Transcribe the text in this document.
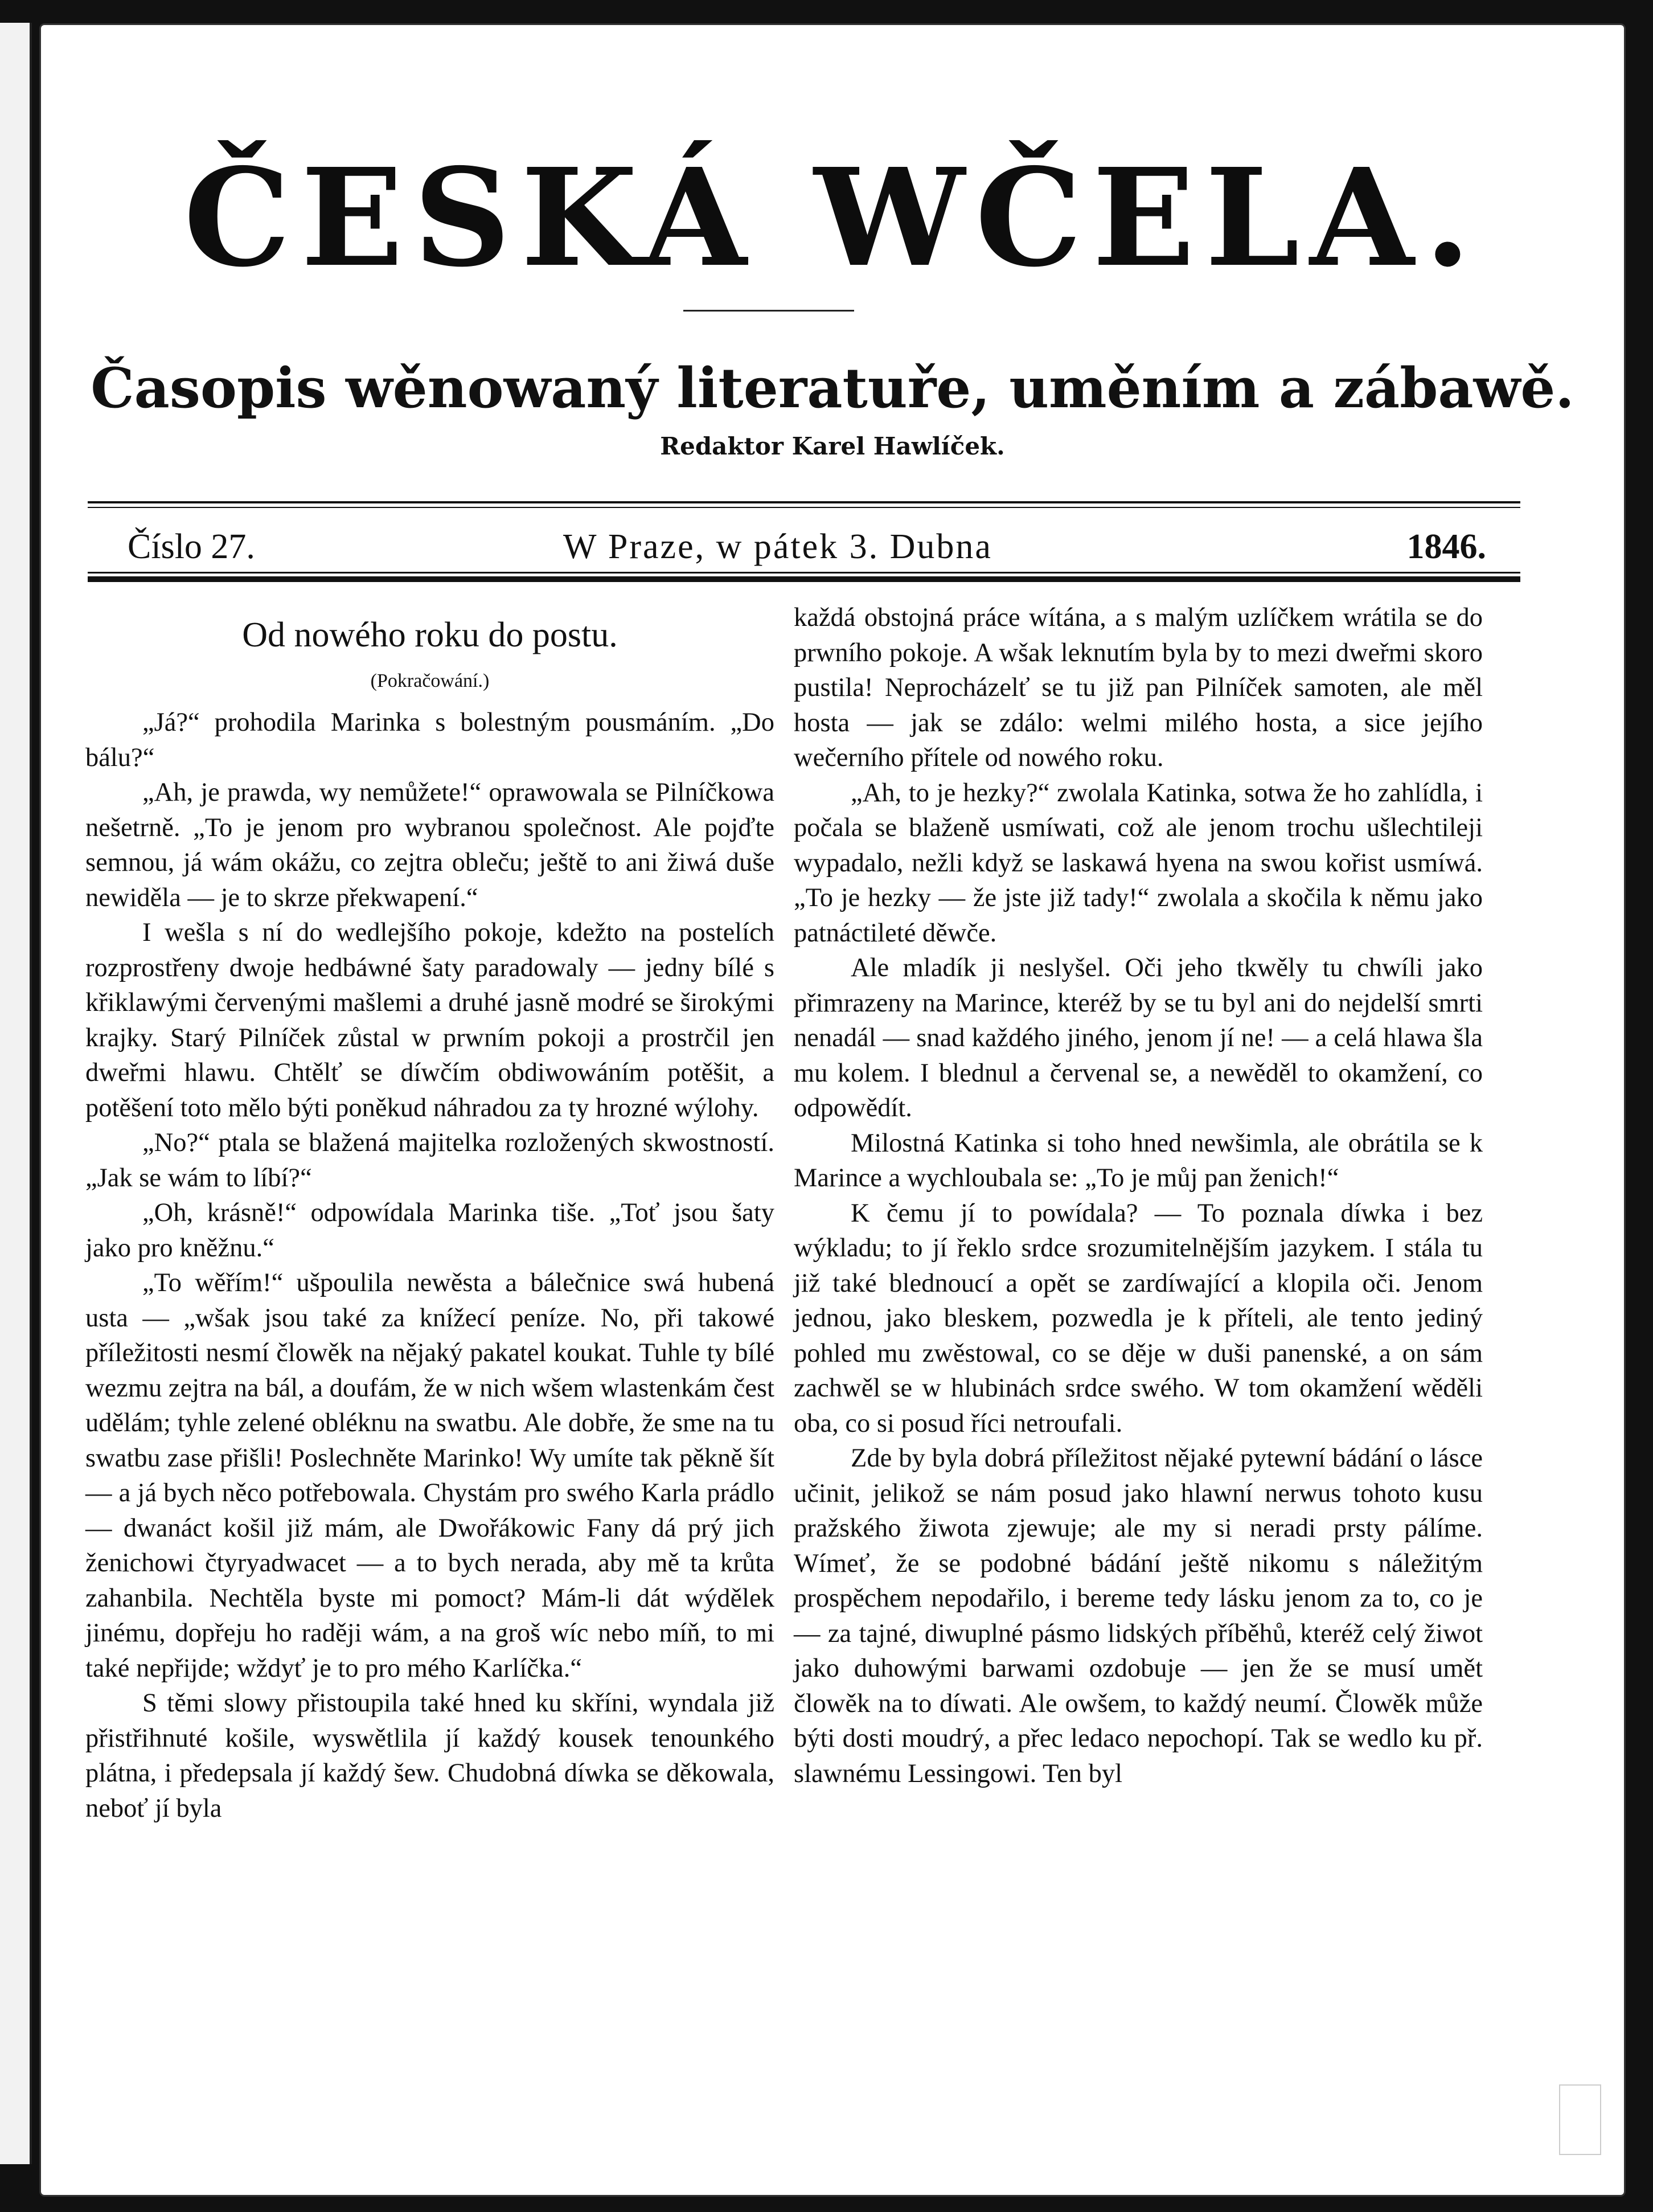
ČESKÁ WČELA.
Časopis wěnowaný literatuře, uměním a zábawě.
Redaktor Karel Hawlíček.
Číslo 27.	W Praze, w pátek 3. Dubna	1846.
Od nowého roku do postu.
(Pokračowání.)

„Já?“ prohodila Marinka s bolestným pousmáním. „Do bálu?“

„Ah, je prawda, wy nemůžete!“ oprawowala se Pilníčkowa nešetrně. „To je jenom pro wybranou společnost. Ale pojďte semnou, já wám okážu, co zejtra obleču; ještě to ani žiwá duše newiděla — je to skrze překwapení.“

I wešla s ní do wedlejšího pokoje, kdežto na postelích rozprostřeny dwoje hedbáwné šaty paradowaly — jedny bílé s křiklawými červenými mašlemi a druhé jasně modré se širokými krajky. Starý Pilníček zůstal w prwním pokoji a prostrčil jen dweřmi hlawu. Chtělť se díwčím obdiwowáním potěšit, a potěšení toto mělo býti poněkud náhradou za ty hrozné wýlohy.

„No?“ ptala se blažená majitelka rozložených skwostností. „Jak se wám to líbí?“

„Oh, krásně!“ odpowídala Marinka tiše. „Toť jsou šaty jako pro kněžnu.“

„To wěřím!“ ušpoulila newěsta a bálečnice swá hubená usta — „wšak jsou také za knížecí peníze. No, při takowé příležitosti nesmí člowěk na nějaký pakatel koukat. Tuhle ty bílé wezmu zejtra na bál, a doufám, že w nich wšem wlastenkám čest udělám; tyhle zelené obléknu na swatbu. Ale dobře, že sme na tu swatbu zase přišli! Poslechněte Marinko! Wy umíte tak pěkně šít — a já bych něco potřebowala. Chystám pro swého Karla prádlo — dwanáct košil již mám, ale Dwořákowic Fany dá prý jich ženichowi čtyryadwacet — a to bych nerada, aby mě ta krůta zahanbila. Nechtěla byste mi pomoct? Mám-li dát wýdělek jinému, dopřeju ho raději wám, a na groš wíc nebo míň, to mi také nepřijde; wždyť je to pro mého Karlíčka.“

S těmi slowy přistoupila také hned ku skříni, wyndala již přistřihnuté košile, wyswětlila jí každý kousek tenounkého plátna, i předepsala jí každý šew. Chudobná díwka se děkowala, neboť jí byla

každá obstojná práce wítána, a s malým uzlíčkem wrátila se do prwního pokoje. A wšak leknutím byla by to mezi dweřmi skoro pustila! Neprocházelť se tu již pan Pilníček samoten, ale měl hosta — jak se zdálo: welmi milého hosta, a sice jejího wečerního přítele od nowého roku.

„Ah, to je hezky?“ zwolala Katinka, sotwa že ho zahlídla, i počala se blaženě usmíwati, což ale jenom trochu ušlechtileji wypadalo, nežli když se laskawá hyena na swou kořist usmíwá. „To je hezky — že jste již tady!“ zwolala a skočila k němu jako patnáctileté děwče.

Ale mladík ji neslyšel. Oči jeho tkwěly tu chwíli jako přimrazeny na Marince, kteréž by se tu byl ani do nejdelší smrti nenadál — snad každého jiného, jenom jí ne! — a celá hlawa šla mu kolem. I blednul a červenal se, a newěděl to okamžení, co odpowědít.

Milostná Katinka si toho hned newšimla, ale obrátila se k Marince a wychloubala se: „To je můj pan ženich!“

K čemu jí to powídala? — To poznala díwka i bez wýkladu; to jí řeklo srdce srozumitelnějším jazykem. I stála tu již také blednoucí a opět se zardíwající a klopila oči. Jenom jednou, jako bleskem, pozwedla je k příteli, ale tento jediný pohled mu zwěstowal, co se děje w duši panenské, a on sám zachwěl se w hlubinách srdce swého. W tom okamžení wěděli oba, co si posud říci netroufali.

Zde by byla dobrá příležitost nějaké pytewní bádání o lásce učinit, jelikož se nám posud jako hlawní nerwus tohoto kusu pražského žiwota zjewuje; ale my si neradi prsty pálíme. Wímeť, že se podobné bádání ještě nikomu s náležitým prospěchem nepodařilo, i bereme tedy lásku jenom za to, co je — za tajné, diwuplné pásmo lidských příběhů, kteréž celý žiwot jako duhowými barwami ozdobuje — jen že se musí umět člowěk na to díwati. Ale owšem, to každý neumí. Člowěk může býti dosti moudrý, a přec ledaco nepochopí. Tak se wedlo ku př. slawnému Lessingowi. Ten byl
